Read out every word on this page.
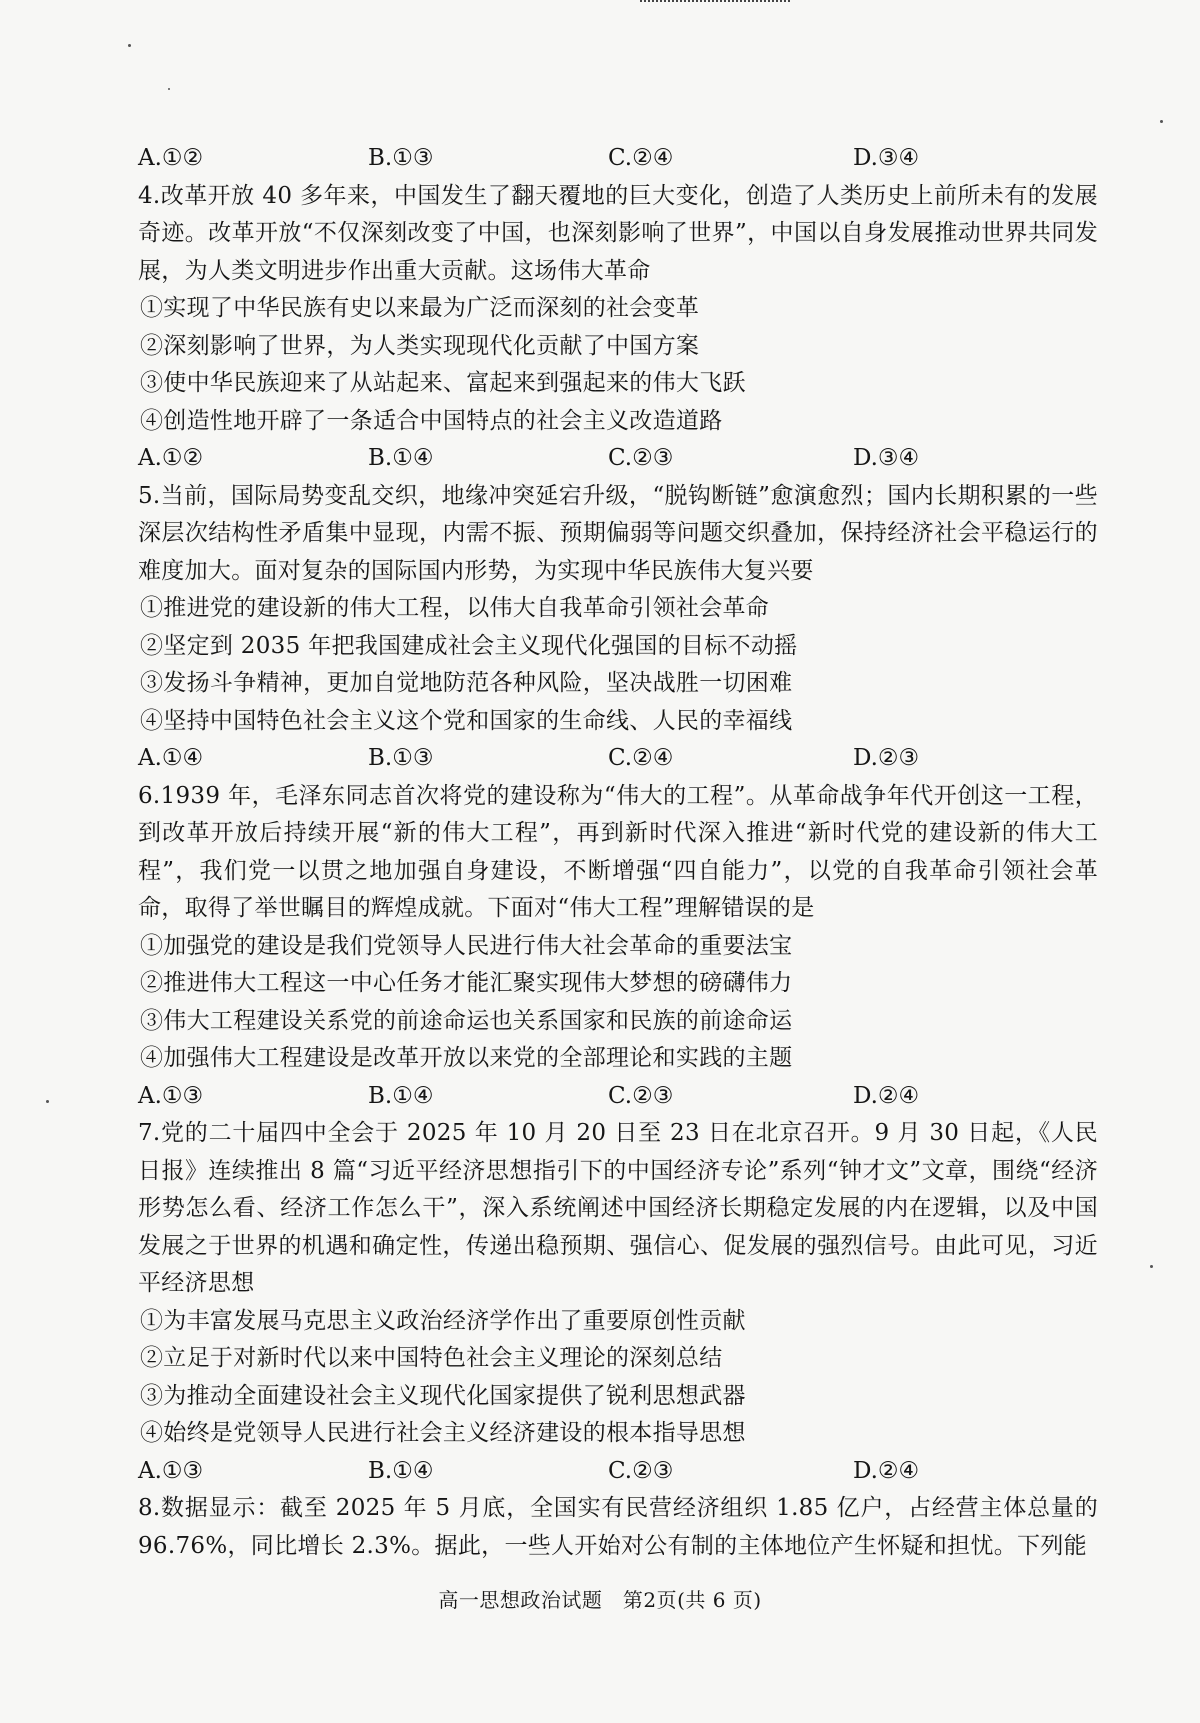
A.①②	B.①③	C.②④	D.③④

4.改革开放 40 多年来，中国发生了翻天覆地的巨大变化，创造了人类历史上前所未有的发展奇迹。改革开放“不仅深刻改变了中国，也深刻影响了世界”，中国以自身发展推动世界共同发展，为人类文明进步作出重大贡献。这场伟大革命

①实现了中华民族有史以来最为广泛而深刻的社会变革

②深刻影响了世界，为人类实现现代化贡献了中国方案

③使中华民族迎来了从站起来、富起来到强起来的伟大飞跃

④创造性地开辟了一条适合中国特点的社会主义改造道路

A.①②	B.①④	C.②③	D.③④

5.当前，国际局势变乱交织，地缘冲突延宕升级，“脱钩断链”愈演愈烈；国内长期积累的一些深层次结构性矛盾集中显现，内需不振、预期偏弱等问题交织叠加，保持经济社会平稳运行的难度加大。面对复杂的国际国内形势，为实现中华民族伟大复兴要

①推进党的建设新的伟大工程，以伟大自我革命引领社会革命

②坚定到 2035 年把我国建成社会主义现代化强国的目标不动摇

③发扬斗争精神，更加自觉地防范各种风险，坚决战胜一切困难

④坚持中国特色社会主义这个党和国家的生命线、人民的幸福线

A.①④	B.①③	C.②④	D.②③

6.1939 年，毛泽东同志首次将党的建设称为“伟大的工程”。从革命战争年代开创这一工程，到改革开放后持续开展“新的伟大工程”，再到新时代深入推进“新时代党的建设新的伟大工程”，我们党一以贯之地加强自身建设，不断增强“四自能力”，以党的自我革命引领社会革命，取得了举世瞩目的辉煌成就。下面对“伟大工程”理解错误的是

①加强党的建设是我们党领导人民进行伟大社会革命的重要法宝

②推进伟大工程这一中心任务才能汇聚实现伟大梦想的磅礴伟力

③伟大工程建设关系党的前途命运也关系国家和民族的前途命运

④加强伟大工程建设是改革开放以来党的全部理论和实践的主题

A.①③	B.①④	C.②③	D.②④

7.党的二十届四中全会于 2025 年 10 月 20 日至 23 日在北京召开。9 月 30 日起，《人民日报》连续推出 8 篇“习近平经济思想指引下的中国经济专论”系列“钟才文”文章，围绕“经济形势怎么看、经济工作怎么干”，深入系统阐述中国经济长期稳定发展的内在逻辑，以及中国发展之于世界的机遇和确定性，传递出稳预期、强信心、促发展的强烈信号。由此可见，习近平经济思想

①为丰富发展马克思主义政治经济学作出了重要原创性贡献

②立足于对新时代以来中国特色社会主义理论的深刻总结

③为推动全面建设社会主义现代化国家提供了锐利思想武器

④始终是党领导人民进行社会主义经济建设的根本指导思想

A.①③	B.①④	C.②③	D.②④

8.数据显示：截至 2025 年 5 月底，全国实有民营经济组织 1.85 亿户，占经营主体总量的 96.76%，同比增长 2.3%。据此，一些人开始对公有制的主体地位产生怀疑和担忧。下列能

高一思想政治试题　第2页(共 6 页)
